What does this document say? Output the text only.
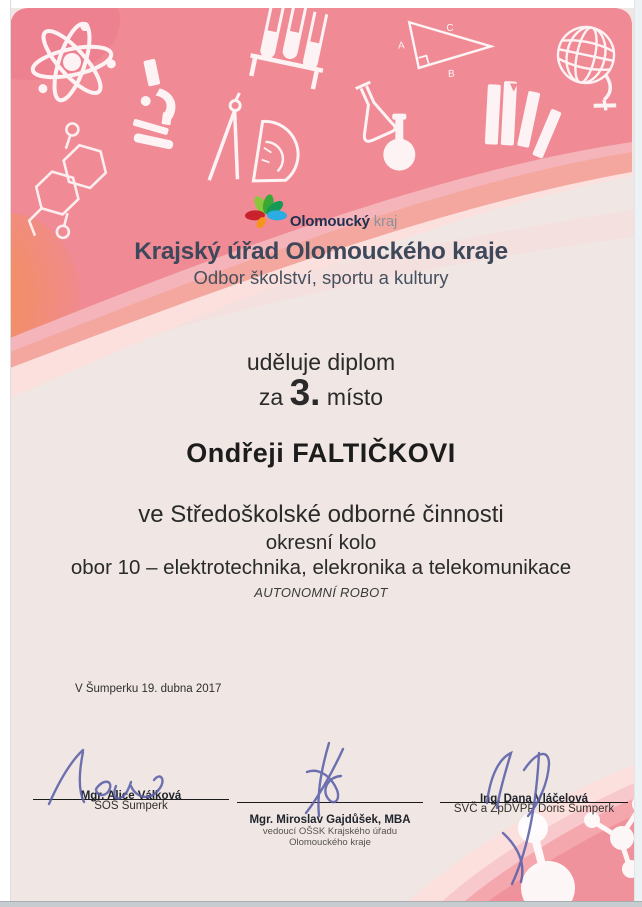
A
C
B
Olomoucký kraj
Krajský úřad Olomouckého kraje
Odbor školství, sportu a kultury
uděluje diplom
za 3. místo
Ondřeji FALTIČKOVI
ve Středoškolské odborné činnosti
okresní kolo
obor 10 – elektrotechnika, elekronika a telekomunikace
AUTONOMNÍ ROBOT
V Šumperku 19. dubna 2017
Mgr. Alice Válková
SOŠ Šumperk
Mgr. Miroslav Gajdůšek, MBA
vedoucí OŠSK Krajského úřadu
Olomouckého kraje
Ing. Dana Vláčelová
SVČ a ZpDVPP Doris Šumperk
